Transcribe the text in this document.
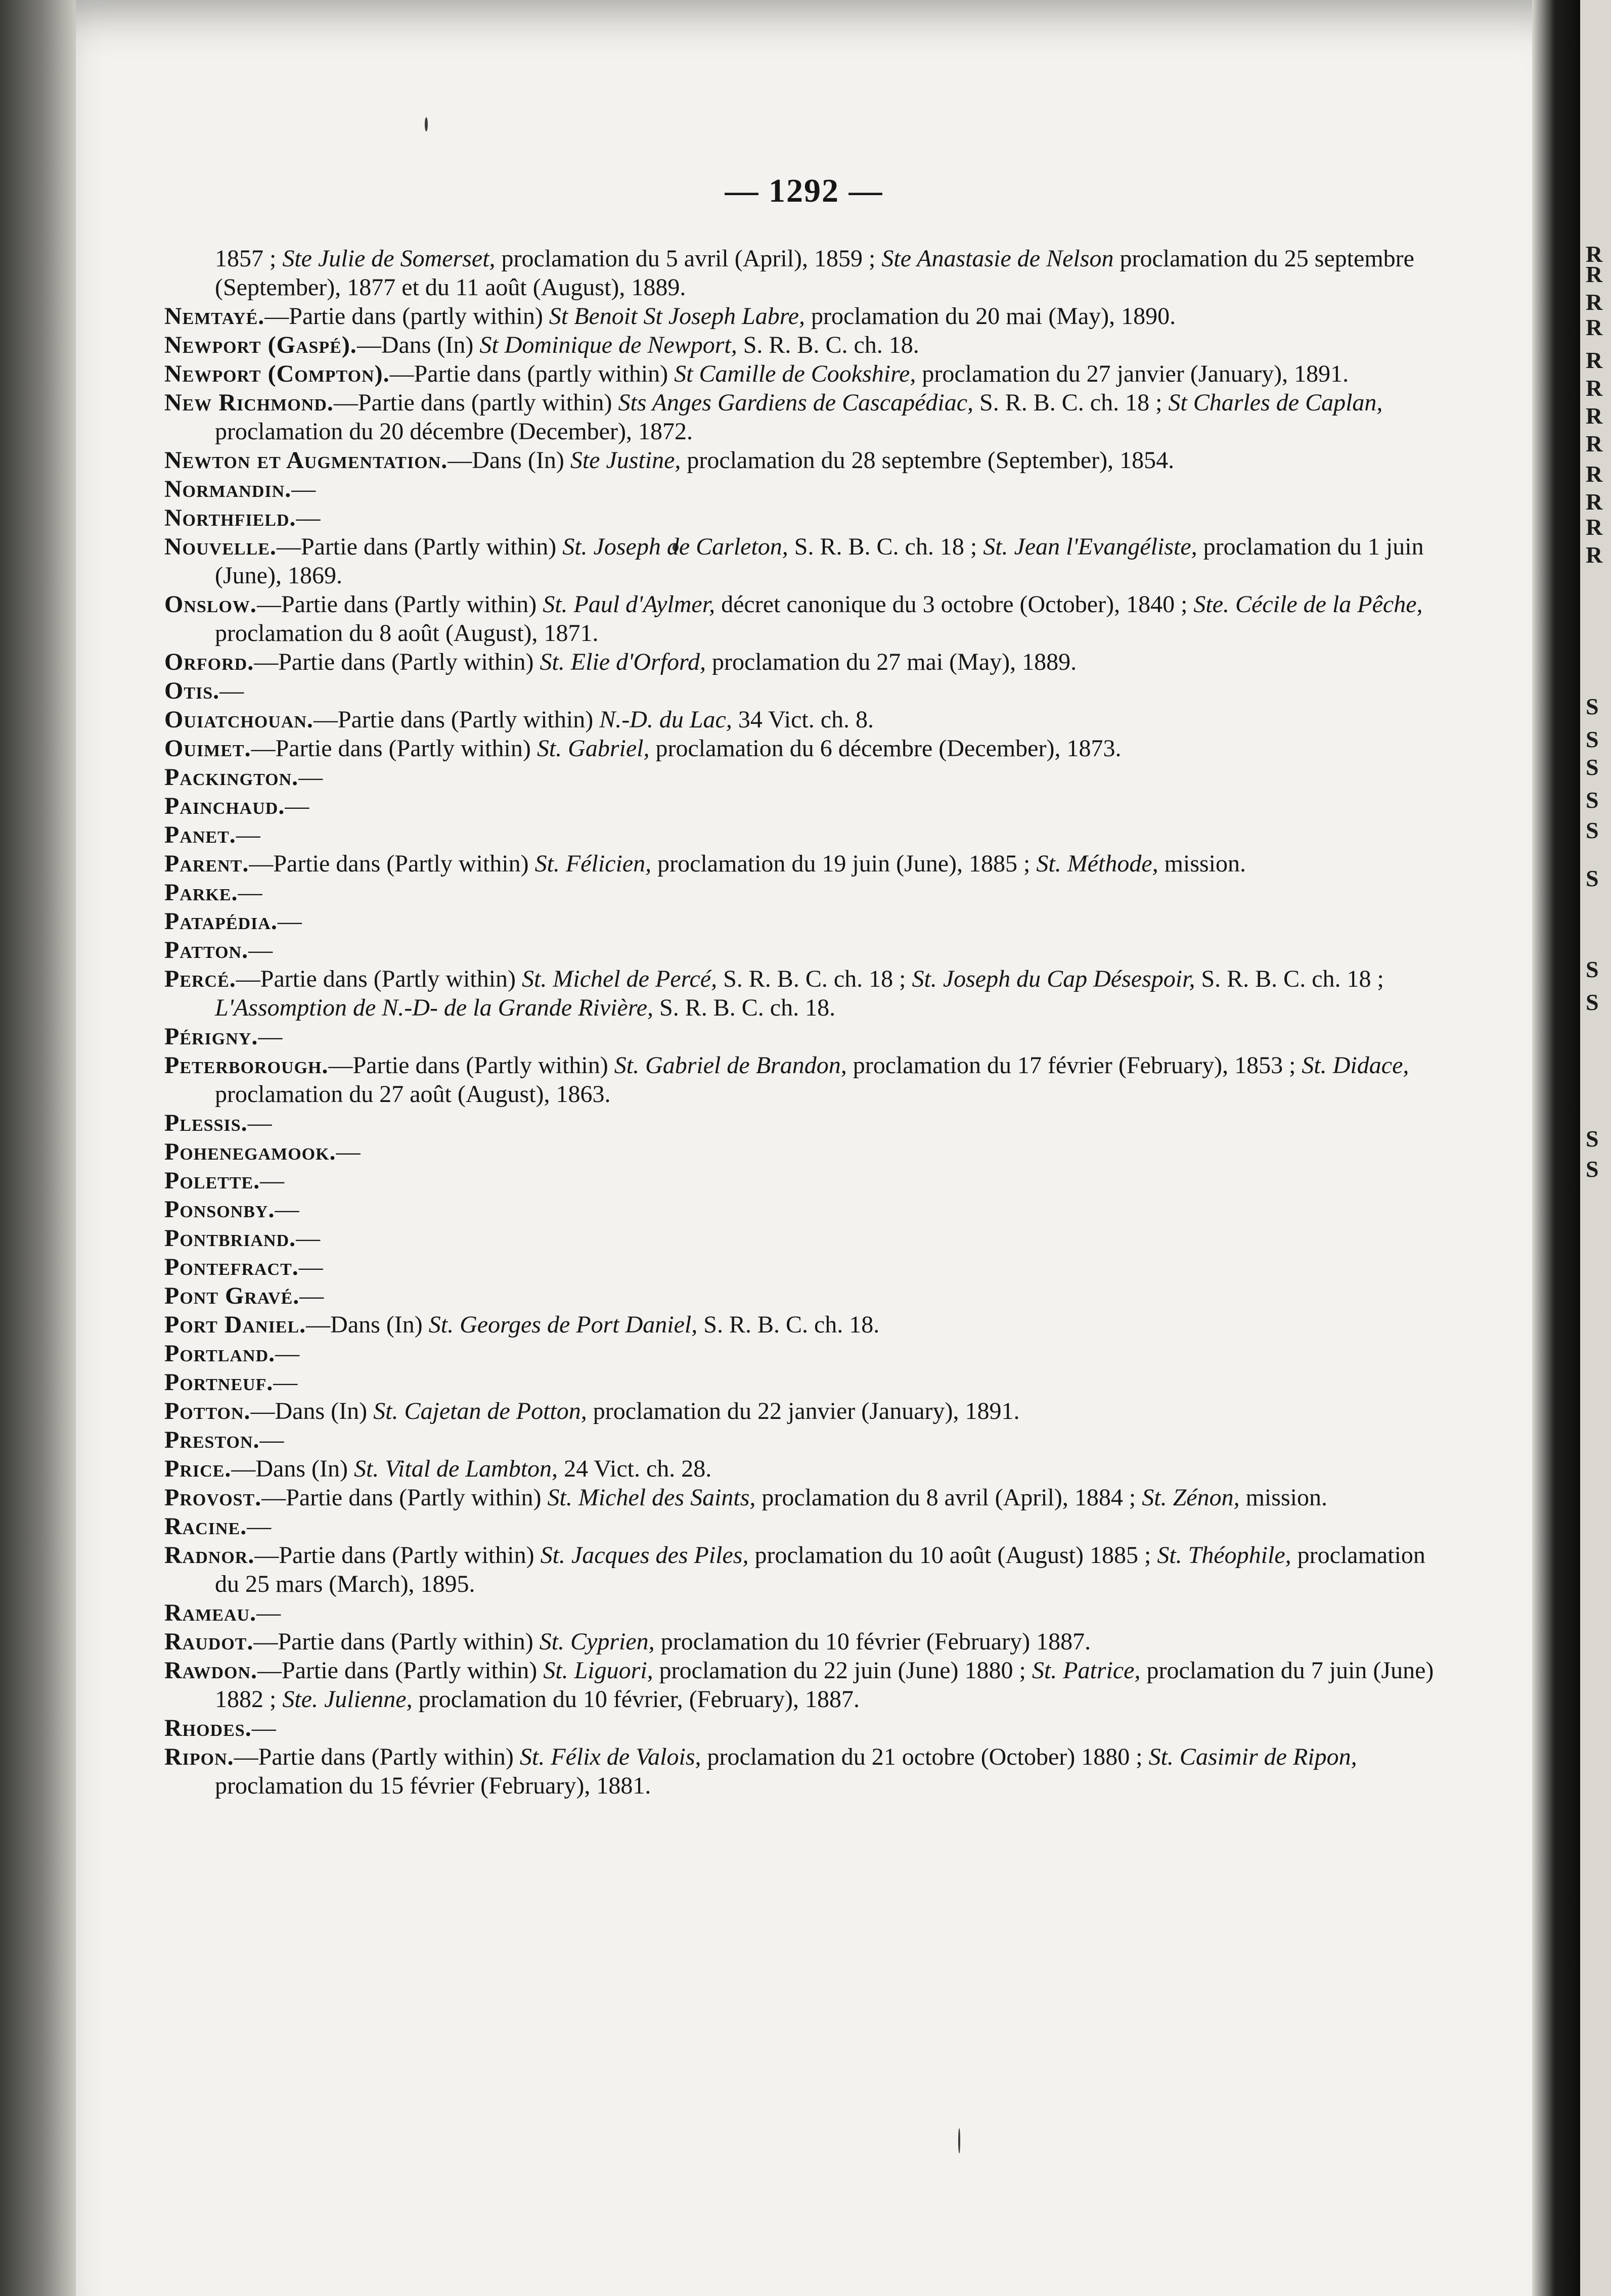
— 1292 —
1857 ; Ste Julie de Somerset, proclamation du 5 avril (April), 1859 ; Ste Anastasie de Nelson proclamation du 25 septembre (September), 1877 et du 11 août (August), 1889.
Nemtayé.—Partie dans (partly within) St Benoit St Joseph Labre, proclamation du 20 mai (May), 1890.
Newport (Gaspé).—Dans (In) St Dominique de Newport, S. R. B. C. ch. 18.
Newport (Compton).—Partie dans (partly within) St Camille de Cookshire, proclamation du 27 janvier (January), 1891.
New Richmond.—Partie dans (partly within) Sts Anges Gardiens de Cascapédiac, S. R. B. C. ch. 18 ; St Charles de Caplan, proclamation du 20 décembre (December), 1872.
Newton et Augmentation.—Dans (In) Ste Justine, proclamation du 28 septembre (September), 1854.
Normandin.—
Northfield.—
Nouvelle.—Partie dans (Partly within) St. Joseph de Carleton, S. R. B. C. ch. 18 ; St. Jean l'Evangéliste, proclamation du 1 juin (June), 1869.
Onslow.—Partie dans (Partly within) St. Paul d'Aylmer, décret canonique du 3 octobre (October), 1840 ; Ste. Cécile de la Pêche, proclamation du 8 août (August), 1871.
Orford.—Partie dans (Partly within) St. Elie d'Orford, proclamation du 27 mai (May), 1889.
Otis.—
Ouiatchouan.—Partie dans (Partly within) N.-D. du Lac, 34 Vict. ch. 8.
Ouimet.—Partie dans (Partly within) St. Gabriel, proclamation du 6 décembre (December), 1873.
Packington.—
Painchaud.—
Panet.—
Parent.—Partie dans (Partly within) St. Félicien, proclamation du 19 juin (June), 1885 ; St. Méthode, mission.
Parke.—
Patapédia.—
Patton.—
Percé.—Partie dans (Partly within) St. Michel de Percé, S. R. B. C. ch. 18 ; St. Joseph du Cap Désespoir, S. R. B. C. ch. 18 ; L'Assomption de N.-D- de la Grande Rivière, S. R. B. C. ch. 18.
Périgny.—
Peterborough.—Partie dans (Partly within) St. Gabriel de Brandon, proclamation du 17 février (February), 1853 ; St. Didace, proclamation du 27 août (August), 1863.
Plessis.—
Pohenegamook.—
Polette.—
Ponsonby.—
Pontbriand.—
Pontefract.—
Pont Gravé.—
Port Daniel.—Dans (In) St. Georges de Port Daniel, S. R. B. C. ch. 18.
Portland.—
Portneuf.—
Potton.—Dans (In) St. Cajetan de Potton, proclamation du 22 janvier (January), 1891.
Preston.—
Price.—Dans (In) St. Vital de Lambton, 24 Vict. ch. 28.
Provost.—Partie dans (Partly within) St. Michel des Saints, proclamation du 8 avril (April), 1884 ; St. Zénon, mission.
Racine.—
Radnor.—Partie dans (Partly within) St. Jacques des Piles, proclamation du 10 août (August) 1885 ; St. Théophile, proclamation du 25 mars (March), 1895.
Rameau.—
Raudot.—Partie dans (Partly within) St. Cyprien, proclamation du 10 février (February) 1887.
Rawdon.—Partie dans (Partly within) St. Liguori, proclamation du 22 juin (June) 1880 ; St. Patrice, proclamation du 7 juin (June) 1882 ; Ste. Julienne, proclamation du 10 février, (February), 1887.
Rhodes.—
Ripon.—Partie dans (Partly within) St. Félix de Valois, proclamation du 21 octobre (October) 1880 ; St. Casimir de Ripon, proclamation du 15 février (February), 1881.
R
R
R
R
R
R
R
R
R
R
R
R
S
S
S
S
S
S
S
S
S
S
